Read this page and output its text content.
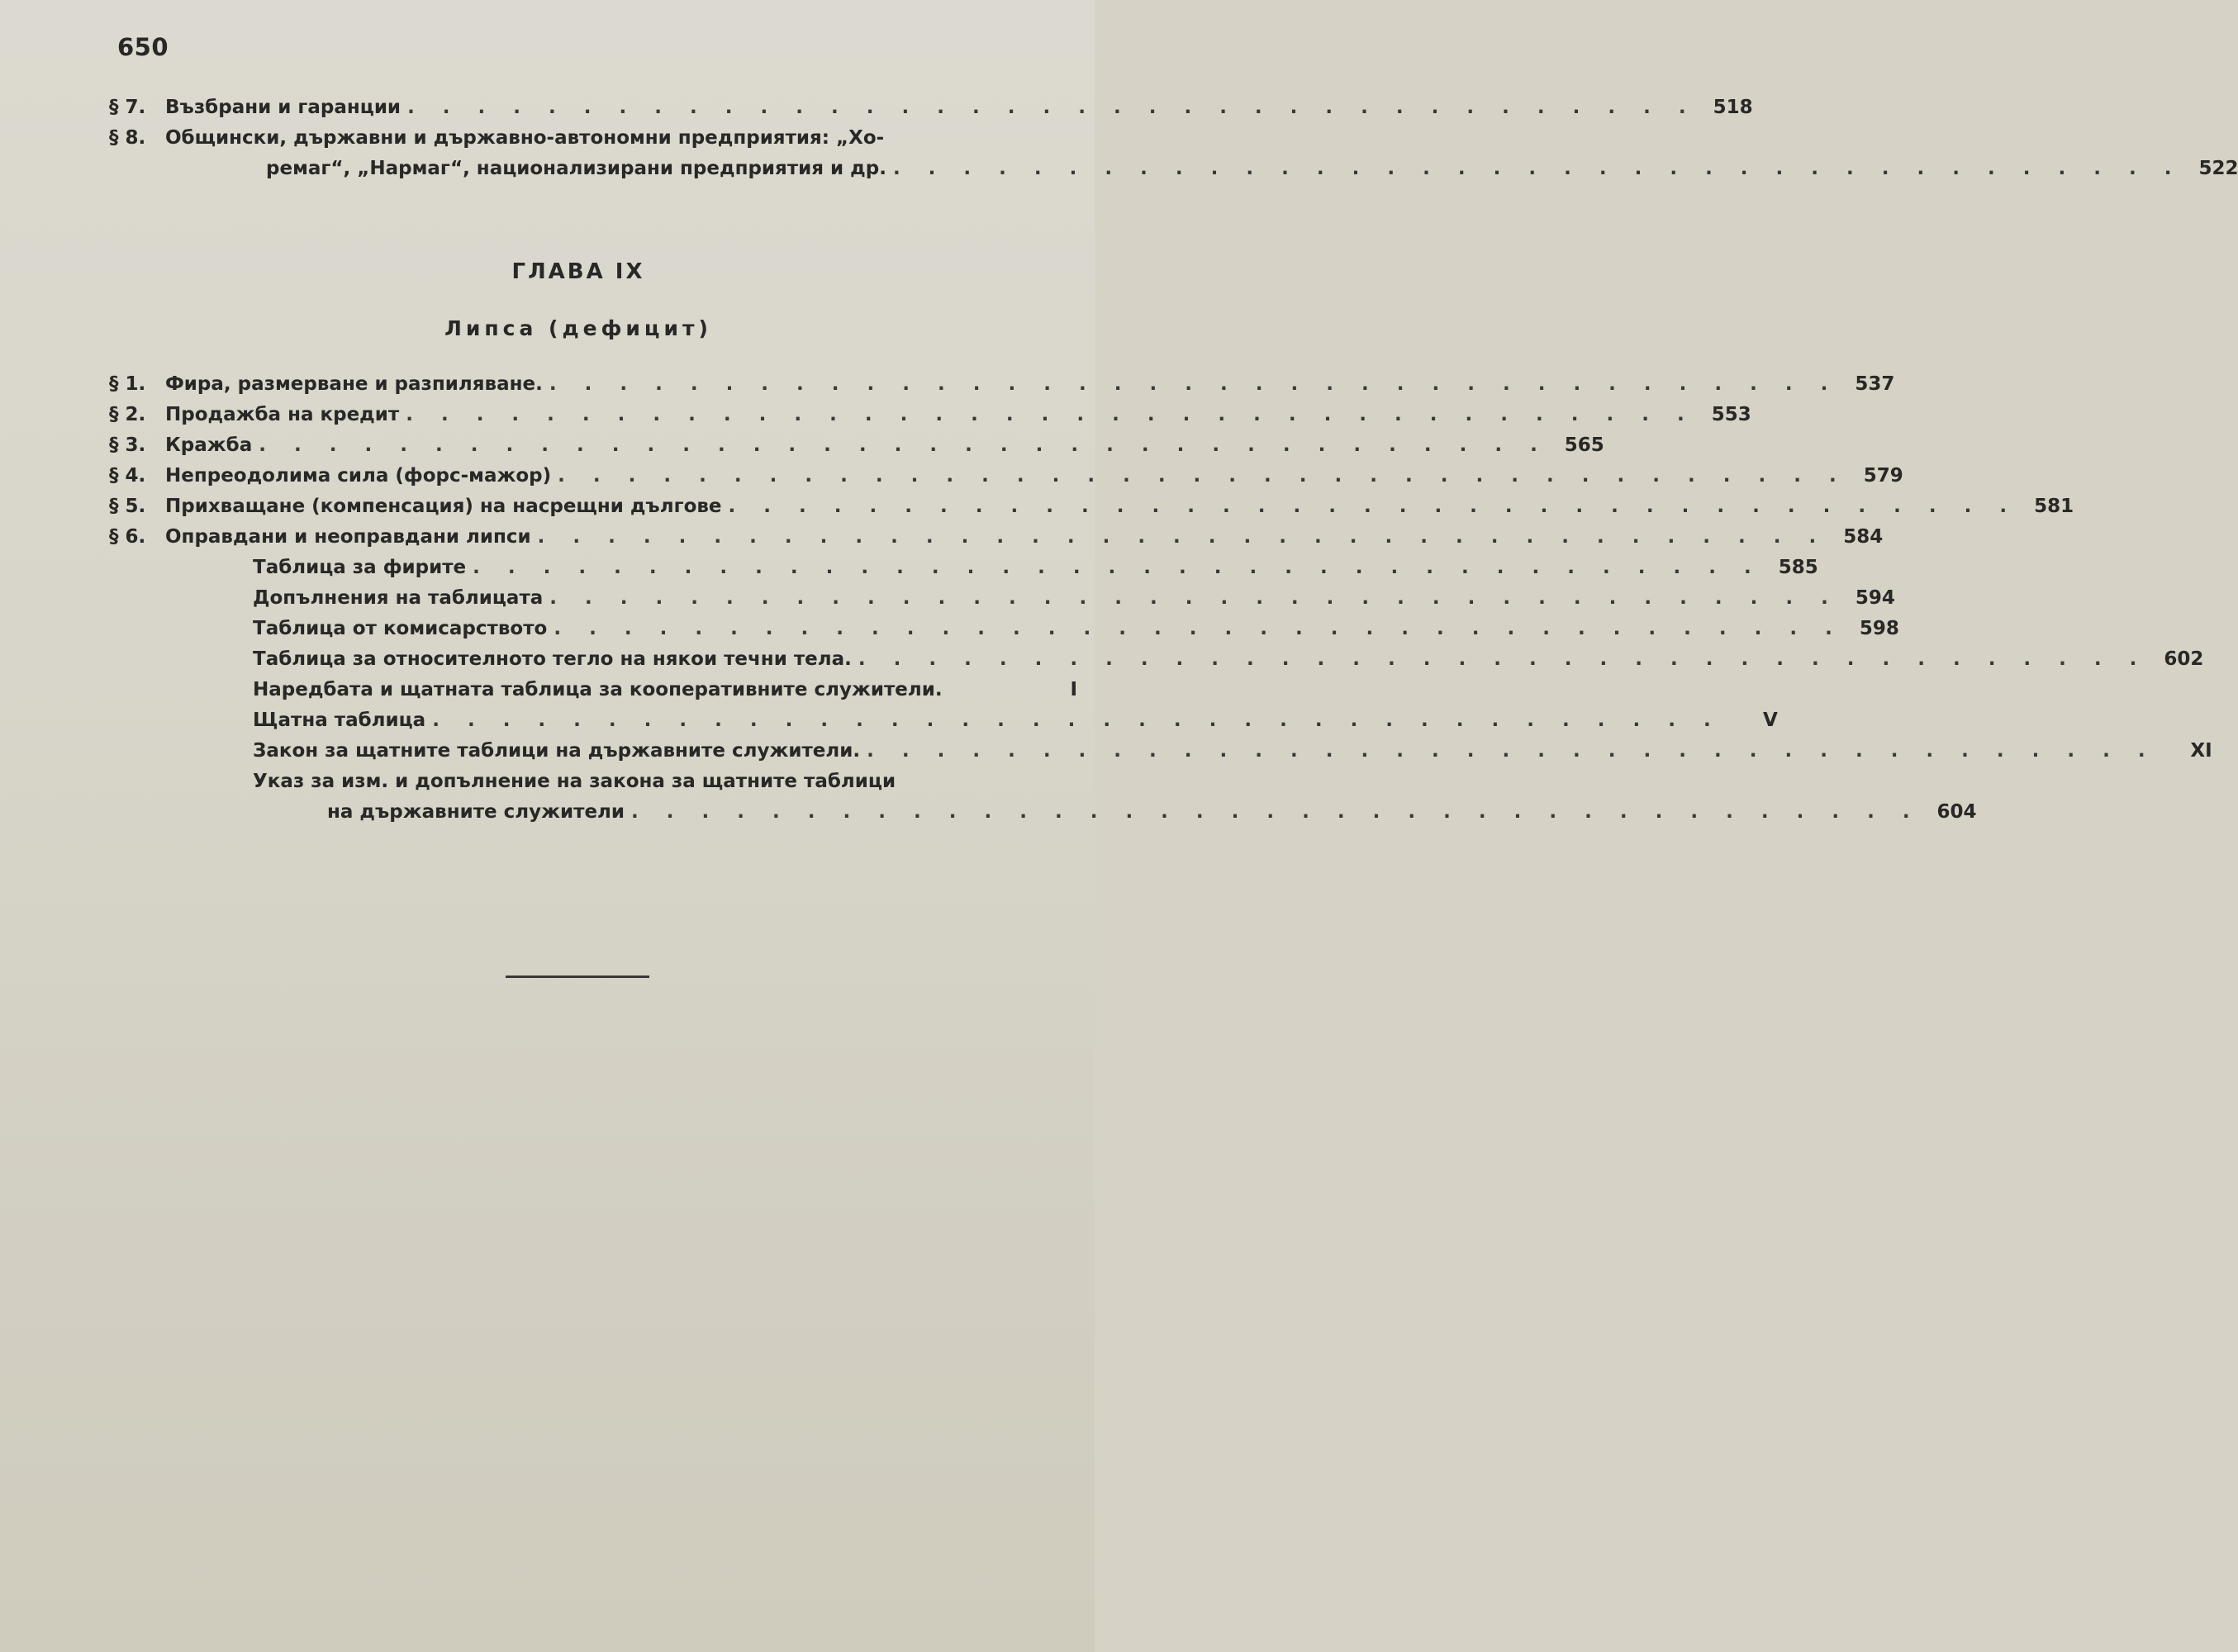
650
§ 7.	Възбрани и гаранции . . . . . . . . . . . . . . . . . . . . . . . . . . . . . . . . . . . . . 518
§ 8.	Общински, държавни и държавно-автономни предприятия: „Хо-
ремаг“, „Нармаг“, национализирани предприятия и др. . . . . . . . . . . . . . . . . . . . . . . . . . . . . . . . . . . . . . 522
ГЛАВА IX
Липса (дефицит)
§ 1.	Фира, размерване и разпиляване. . . . . . . . . . . . . . . . . . . . . . . . . . . . . . . . . . . . . . 537
§ 2.	Продажба на кредит . . . . . . . . . . . . . . . . . . . . . . . . . . . . . . . . . . . . . 553
§ 3.	Кражба . . . . . . . . . . . . . . . . . . . . . . . . . . . . . . . . . . . . . 565
§ 4.	Непреодолима сила (форс-мажор) . . . . . . . . . . . . . . . . . . . . . . . . . . . . . . . . . . . . . 579
§ 5.	Прихващане (компенсация) на насрещни дългове . . . . . . . . . . . . . . . . . . . . . . . . . . . . . . . . . . . . . 581
§ 6.	Оправдани и неоправдани липси . . . . . . . . . . . . . . . . . . . . . . . . . . . . . . . . . . . . . 584
Таблица за фирите . . . . . . . . . . . . . . . . . . . . . . . . . . . . . . . . . . . . . 585
Допълнения на таблицата . . . . . . . . . . . . . . . . . . . . . . . . . . . . . . . . . . . . . 594
Таблица от комисарството . . . . . . . . . . . . . . . . . . . . . . . . . . . . . . . . . . . . . 598
Таблица за относителното тегло на някои течни тела. . . . . . . . . . . . . . . . . . . . . . . . . . . . . . . . . . . . . . 602
Наредбата и щатната таблица за кооперативните служители.	I
Щатна таблица . . . . . . . . . . . . . . . . . . . . . . . . . . . . . . . . . . . . .	V
Закон за щатните таблици на държавните служители. . . . . . . . . . . . . . . . . . . . . . . . . . . . . . . . . . . . . .	XI
Указ за изм. и допълнение на закона за щатните таблици
на държавните служители . . . . . . . . . . . . . . . . . . . . . . . . . . . . . . . . . . . . . 604
